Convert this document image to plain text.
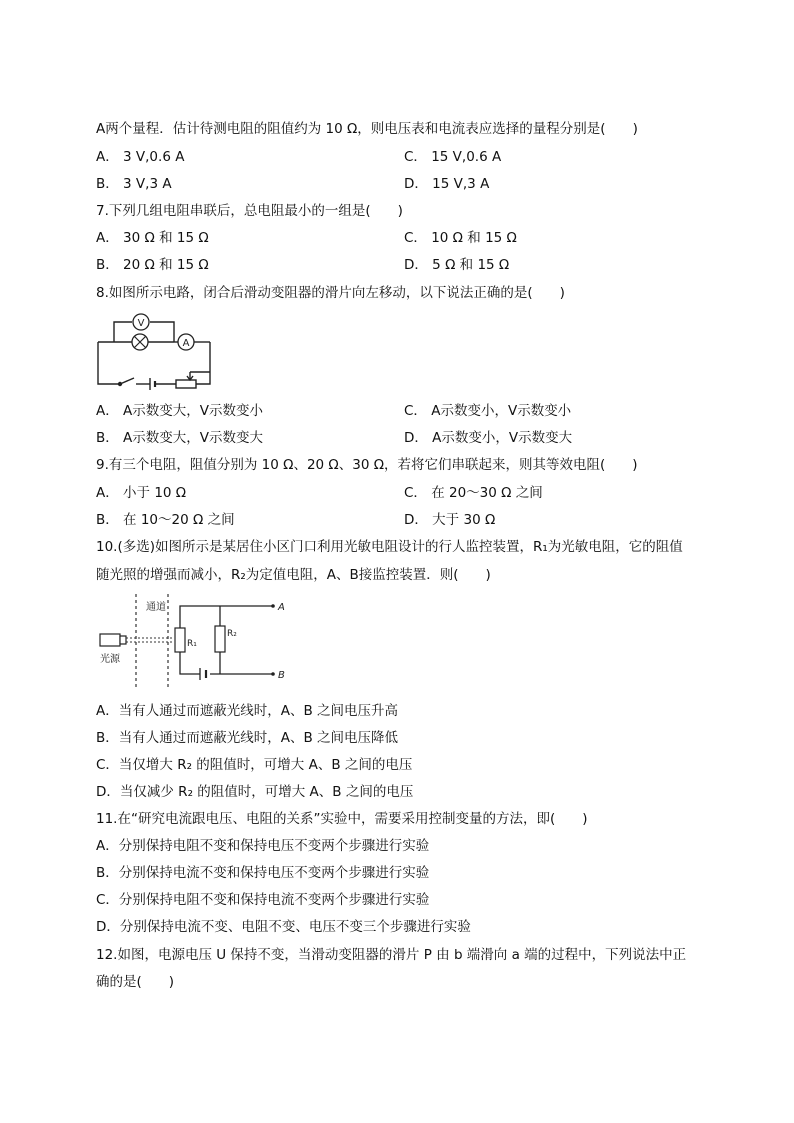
A两个量程．估计待测电阻的阻值约为 10 Ω，则电压表和电流表应选择的量程分别是(　　)
A． 3 V,0.6 A	C． 15 V,0.6 A
B． 3 V,3 A	D． 15 V,3 A
7.下列几组电阻串联后，总电阻最小的一组是(　　)
A． 30 Ω 和 15 Ω	C． 10 Ω 和 15 Ω
B． 20 Ω 和 15 Ω	D． 5 Ω 和 15 Ω
8.如图所示电路，闭合后滑动变阻器的滑片向左移动，以下说法正确的是(　　)
V
A
A． A示数变大，V示数变小	C． A示数变小，V示数变小
B． A示数变大，V示数变大	D． A示数变小，V示数变大
9.有三个电阻，阻值分别为 10 Ω、20 Ω、30 Ω，若将它们串联起来，则其等效电阻(　　)
A． 小于 10 Ω	C． 在 20～30 Ω 之间
B． 在 10～20 Ω 之间	D． 大于 30 Ω
10.(多选)如图所示是某居住小区门口利用光敏电阻设计的行人监控装置，R₁为光敏电阻，它的阻值
随光照的增强而减小，R₂为定值电阻，A、B接监控装置．则(　　)
通道
光源
R₁
R₂
A
B
A．当有人通过而遮蔽光线时，A、B 之间电压升高
B．当有人通过而遮蔽光线时，A、B 之间电压降低
C．当仅增大 R₂ 的阻值时，可增大 A、B 之间的电压
D．当仅减少 R₂ 的阻值时，可增大 A、B 之间的电压
11.在“研究电流跟电压、电阻的关系”实验中，需要采用控制变量的方法，即(　　)
A．分别保持电阻不变和保持电压不变两个步骤进行实验
B．分别保持电流不变和保持电压不变两个步骤进行实验
C．分别保持电阻不变和保持电流不变两个步骤进行实验
D．分别保持电流不变、电阻不变、电压不变三个步骤进行实验
12.如图，电源电压 U 保持不变，当滑动变阻器的滑片 P 由 b 端滑向 a 端的过程中，下列说法中正
确的是(　　)
